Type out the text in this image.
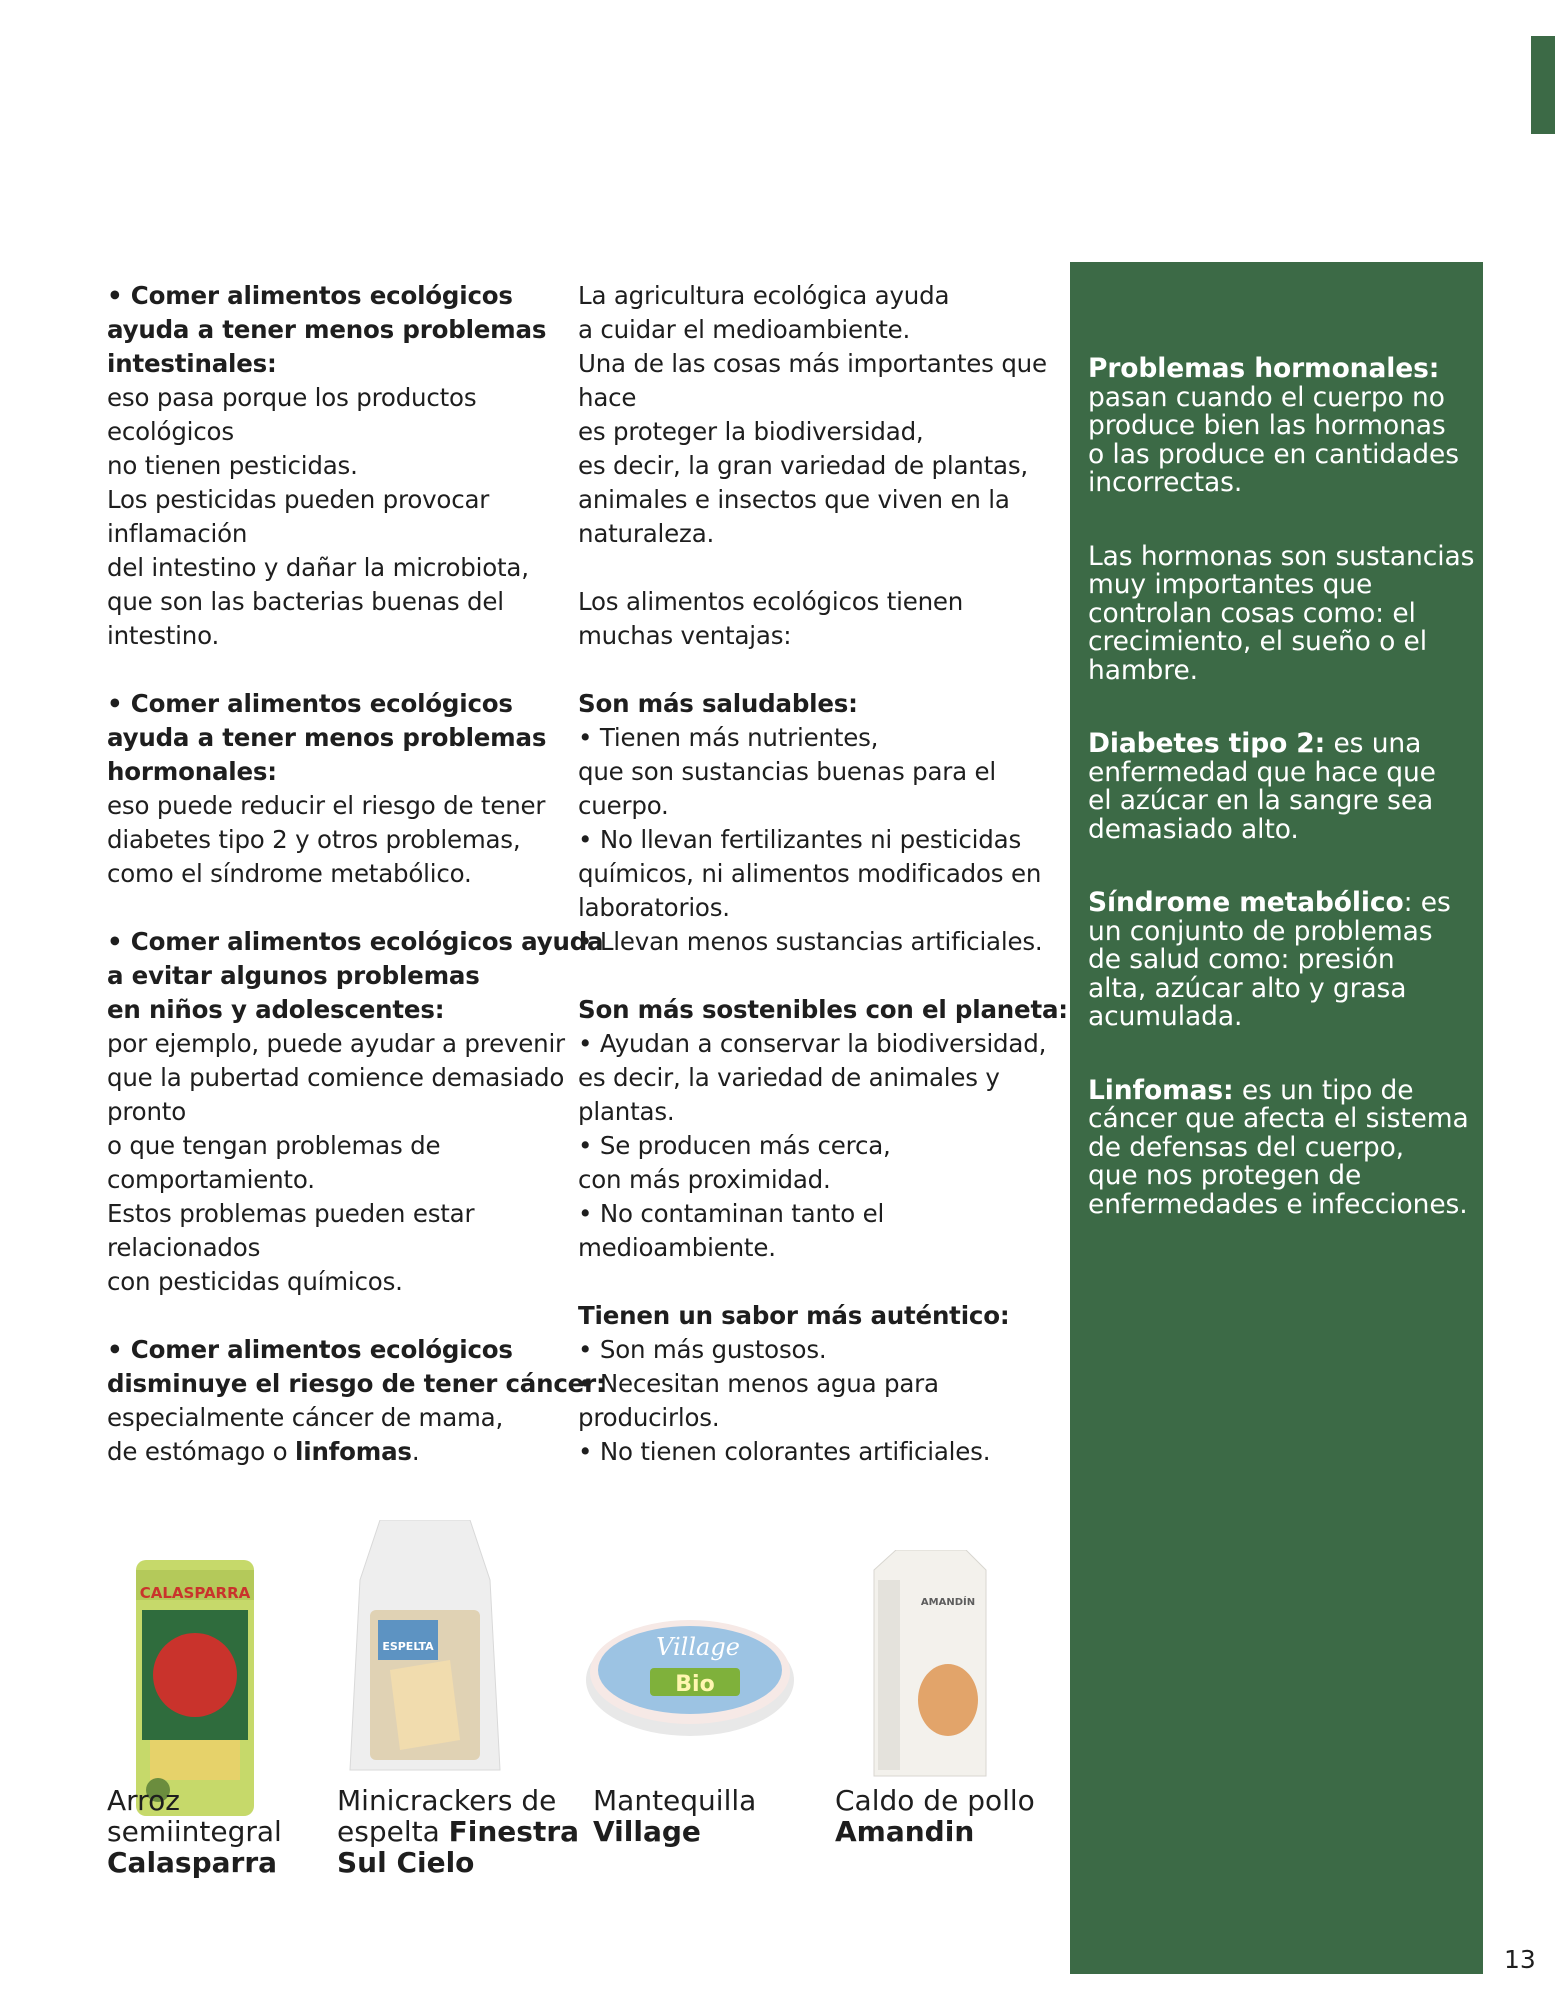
• Comer alimentos ecológicos
ayuda a tener menos problemas
intestinales:
eso pasa porque los productos
ecológicos
no tienen pesticidas.
Los pesticidas pueden provocar
inflamación
del intestino y dañar la microbiota,
que son las bacterias buenas del
intestino.

• Comer alimentos ecológicos
ayuda a tener menos problemas
hormonales:
eso puede reducir el riesgo de tener
diabetes tipo 2 y otros problemas,
como el síndrome metabólico.

• Comer alimentos ecológicos ayuda
a evitar algunos problemas
en niños y adolescentes:
por ejemplo, puede ayudar a prevenir
que la pubertad comience demasiado
pronto
o que tengan problemas de
comportamiento.
Estos problemas pueden estar
relacionados
con pesticidas químicos.

• Comer alimentos ecológicos
disminuye el riesgo de tener cáncer:
especialmente cáncer de mama,
de estómago o linfomas.

La agricultura ecológica ayuda
a cuidar el medioambiente.
Una de las cosas más importantes que
hace
es proteger la biodiversidad,
es decir, la gran variedad de plantas,
animales e insectos que viven en la
naturaleza.

Los alimentos ecológicos tienen
muchas ventajas:

Son más saludables:
• Tienen más nutrientes,
que son sustancias buenas para el
cuerpo.
• No llevan fertilizantes ni pesticidas
químicos, ni alimentos modificados en
laboratorios.
• Llevan menos sustancias artificiales.

Son más sostenibles con el planeta:
• Ayudan a conservar la biodiversidad,
es decir, la variedad de animales y
plantas.
• Se producen más cerca,
con más proximidad.
• No contaminan tanto el
medioambiente.

Tienen un sabor más auténtico:
• Son más gustosos.
• Necesitan menos agua para
producirlos.
• No tienen colorantes artificiales.

Problemas hormonales:
pasan cuando el cuerpo no
produce bien las hormonas
o las produce en cantidades
incorrectas.

Las hormonas son sustancias
muy importantes que
controlan cosas como: el
crecimiento, el sueño o el
hambre.

Diabetes tipo 2: es una
enfermedad que hace que
el azúcar en la sangre sea
demasiado alto.

Síndrome metabólico: es
un conjunto de problemas
de salud como: presión
alta, azúcar alto y grasa
acumulada.

Linfomas: es un tipo de
cáncer que afecta el sistema
de defensas del cuerpo,
que nos protegen de
enfermedades e infecciones.

CALASPARRA
Arroz
semiintegral
Calasparra
ESPELTA
Minicrackers de
espelta Finestra
Sul Cielo
Village
Bio
Mantequilla
Village
AMANDÍN
Caldo de pollo
Amandin
13
